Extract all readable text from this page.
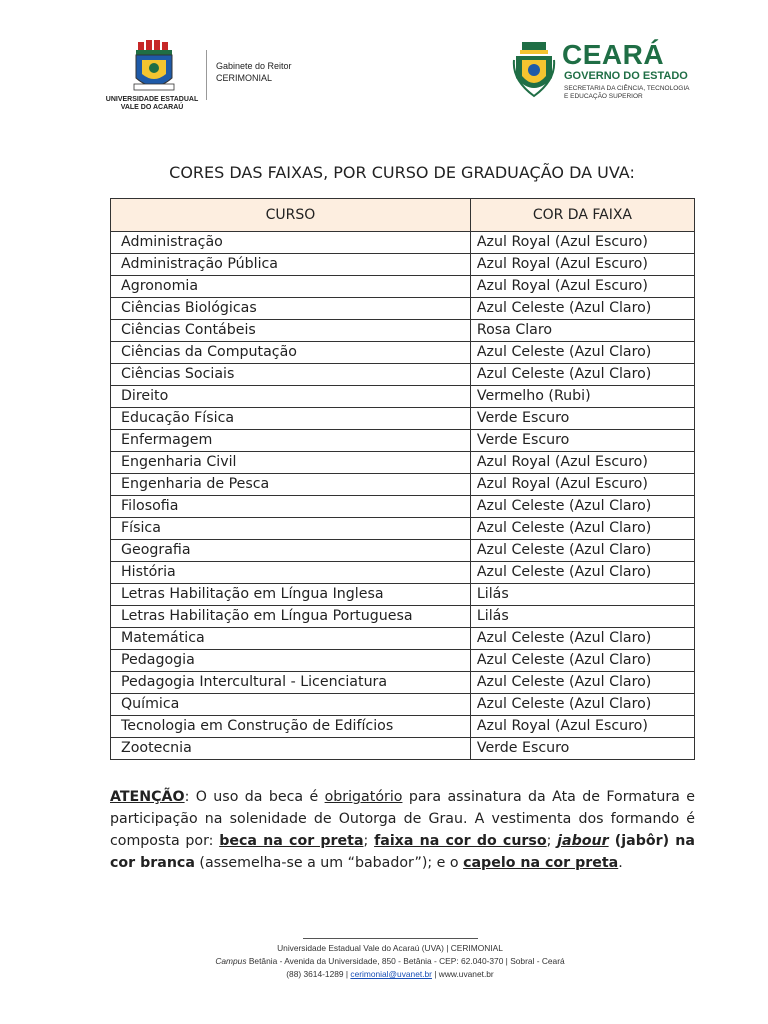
UNIVERSIDADE ESTADUAL
VALE DO ACARAÚ
Gabinete do Reitor
CERIMONIAL
CEARÁ
GOVERNO DO ESTADO
SECRETARIA DA CIÊNCIA, TECNOLOGIA
E EDUCAÇÃO SUPERIOR
CORES DAS FAIXAS, POR CURSO DE GRADUAÇÃO DA UVA:
CURSO	COR DA FAIXA
Administração	Azul Royal (Azul Escuro)
Administração Pública	Azul Royal (Azul Escuro)
Agronomia	Azul Royal (Azul Escuro)
Ciências Biológicas	Azul Celeste (Azul Claro)
Ciências Contábeis	Rosa Claro
Ciências da Computação	Azul Celeste (Azul Claro)
Ciências Sociais	Azul Celeste (Azul Claro)
Direito	Vermelho (Rubi)
Educação Física	Verde Escuro
Enfermagem	Verde Escuro
Engenharia Civil	Azul Royal (Azul Escuro)
Engenharia de Pesca	Azul Royal (Azul Escuro)
Filosofia	Azul Celeste (Azul Claro)
Física	Azul Celeste (Azul Claro)
Geografia	Azul Celeste (Azul Claro)
História	Azul Celeste (Azul Claro)
Letras Habilitação em Língua Inglesa	Lilás
Letras Habilitação em Língua Portuguesa	Lilás
Matemática	Azul Celeste (Azul Claro)
Pedagogia	Azul Celeste (Azul Claro)
Pedagogia Intercultural - Licenciatura	Azul Celeste (Azul Claro)
Química	Azul Celeste (Azul Claro)
Tecnologia em Construção de Edifícios	Azul Royal (Azul Escuro)
Zootecnia	Verde Escuro
ATENÇÃO: O uso da beca é obrigatório para assinatura da Ata de Formatura e participação na solenidade de Outorga de Grau. A vestimenta dos formando é composta por: beca na cor preta; faixa na cor do curso; jabour (jabôr) na cor branca (assemelha-se a um “babador”); e o capelo na cor preta.
Universidade Estadual Vale do Acaraú (UVA) | CERIMONIAL
Campus Betânia - Avenida da Universidade, 850 - Betânia - CEP: 62.040-370 | Sobral - Ceará
(88) 3614-1289 | cerimonial@uvanet.br | www.uvanet.br
